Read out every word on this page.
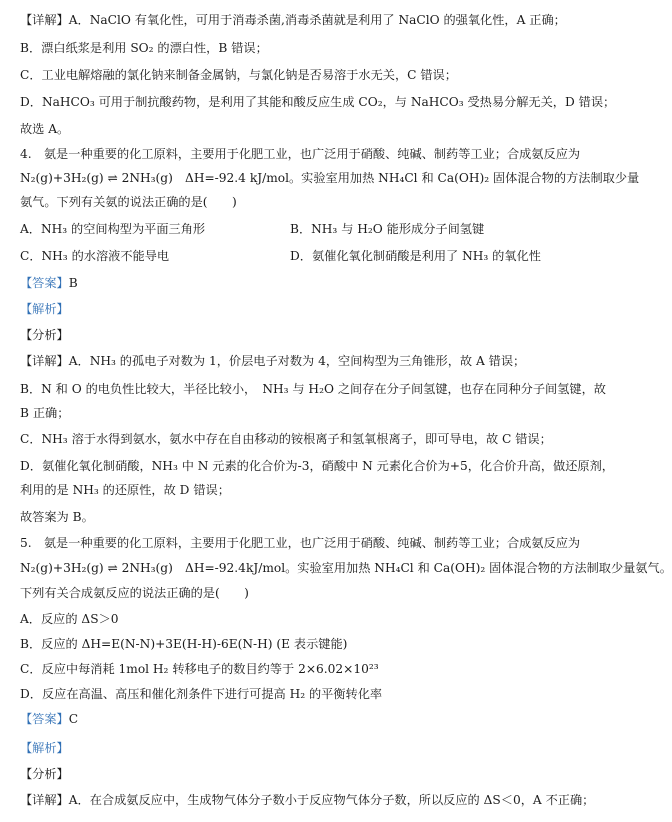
【详解】A．NaClO 有氧化性，可用于消毒杀菌,消毒杀菌就是利用了 NaClO 的强氧化性，A 正确；
B．漂白纸浆是利用 SO₂ 的漂白性，B 错误；
C．工业电解熔融的氯化钠来制备金属钠，与氯化钠是否易溶于水无关，C 错误；
D．NaHCO₃ 可用于制抗酸药物，是利用了其能和酸反应生成 CO₂，与 NaHCO₃ 受热易分解无关，D 错误；
故选 A。
4.　氨是一种重要的化工原料，主要用于化肥工业，也广泛用于硝酸、纯碱、制药等工业；合成氨反应为
N₂(g)+3H₂(g) ⇌ 2NH₃(g)　ΔH=-92.4 kJ/mol。实验室用加热 NH₄Cl 和 Ca(OH)₂ 固体混合物的方法制取少量
氨气。下列有关氨的说法正确的是(　　)
A．NH₃ 的空间构型为平面三角形	B．NH₃ 与 H₂O 能形成分子间氢键
C．NH₃ 的水溶液不能导电	D．氨催化氧化制硝酸是利用了 NH₃ 的氧化性
【答案】B
【解析】
【分析】
【详解】A．NH₃ 的孤电子对数为 1，价层电子对数为 4，空间构型为三角锥形，故 A 错误；
B．N 和 O 的电负性比较大，半径比较小，　NH₃ 与 H₂O 之间存在分子间氢键，也存在同种分子间氢键，故
B 正确；
C．NH₃ 溶于水得到氨水，氨水中存在自由移动的铵根离子和氢氧根离子，即可导电，故 C 错误；
D．氨催化氧化制硝酸，NH₃ 中 N 元素的化合价为-3，硝酸中 N 元素化合价为+5，化合价升高，做还原剂，
利用的是 NH₃ 的还原性，故 D 错误；
故答案为 B。
5.　氨是一种重要的化工原料，主要用于化肥工业，也广泛用于硝酸、纯碱、制药等工业；合成氨反应为
N₂(g)+3H₂(g) ⇌ 2NH₃(g)　ΔH=-92.4kJ/mol。实验室用加热 NH₄Cl 和 Ca(OH)₂ 固体混合物的方法制取少量氨气。
下列有关合成氨反应的说法正确的是(　　)
A．反应的 ΔS＞0
B．反应的 ΔH=E(N-N)+3E(H-H)-6E(N-H) (E 表示键能)
C．反应中每消耗 1mol H₂ 转移电子的数目约等于 2×6.02×10²³
D．反应在高温、高压和催化剂条件下进行可提高 H₂ 的平衡转化率
【答案】C
【解析】
【分析】
【详解】A．在合成氨反应中，生成物气体分子数小于反应物气体分子数，所以反应的 ΔS＜0，A 不正确；
